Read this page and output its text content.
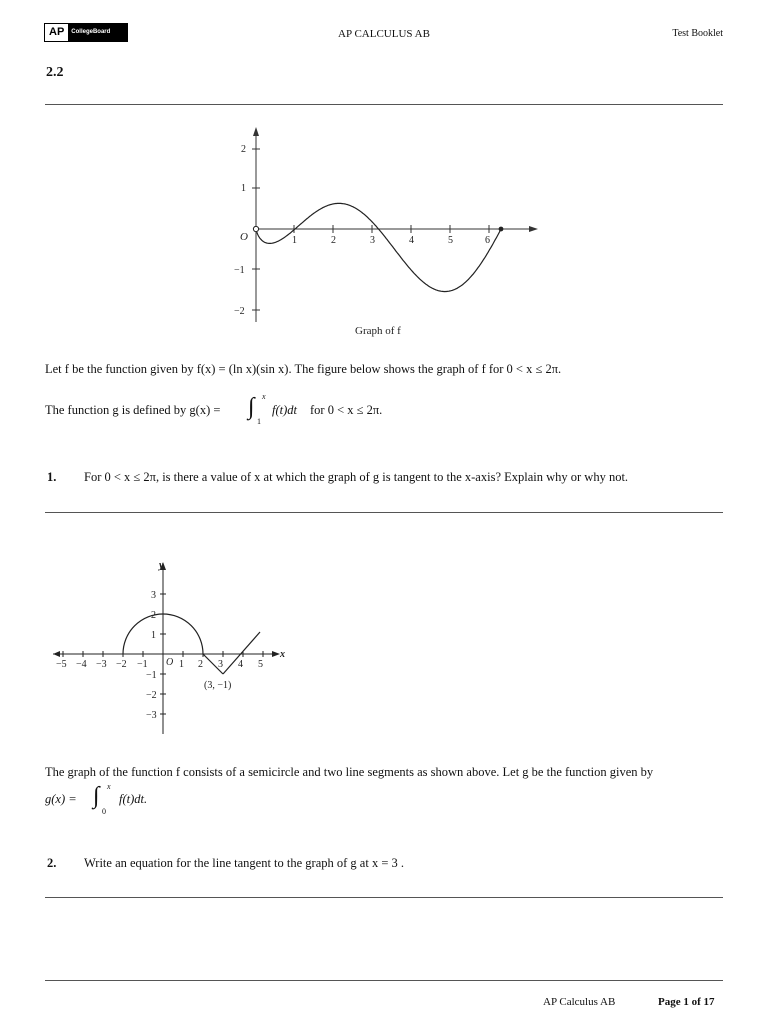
AP	CollegeBoard	AP CALCULUS AB	Test Booklet
2.2
1	2	3	4	5	6
2
1
−1
−2
O
Graph of f
Let f be the function given by f(x) = (ln x)(sin x). The figure below shows the graph of f for 0 < x ≤ 2π.
The function g is defined by g(x) = ∫ x
1
f(t)dt for 0 < x ≤ 2π.
1. For 0 < x ≤ 2π, is there a value of x at which the graph of g is tangent to the x-axis? Explain why or why not.
y
x
O
−5 −4 −3 −2 −1	1 2 3 4 5
3
2
1
−1
−2
−3
(3, −1)
The graph of the function f consists of a semicircle and two line segments as shown above. Let g be the function given by
g(x) = ∫ x
0
f(t)dt.
2. Write an equation for the line tangent to the graph of g at x = 3 .
AP Calculus AB	Page 1 of 17
